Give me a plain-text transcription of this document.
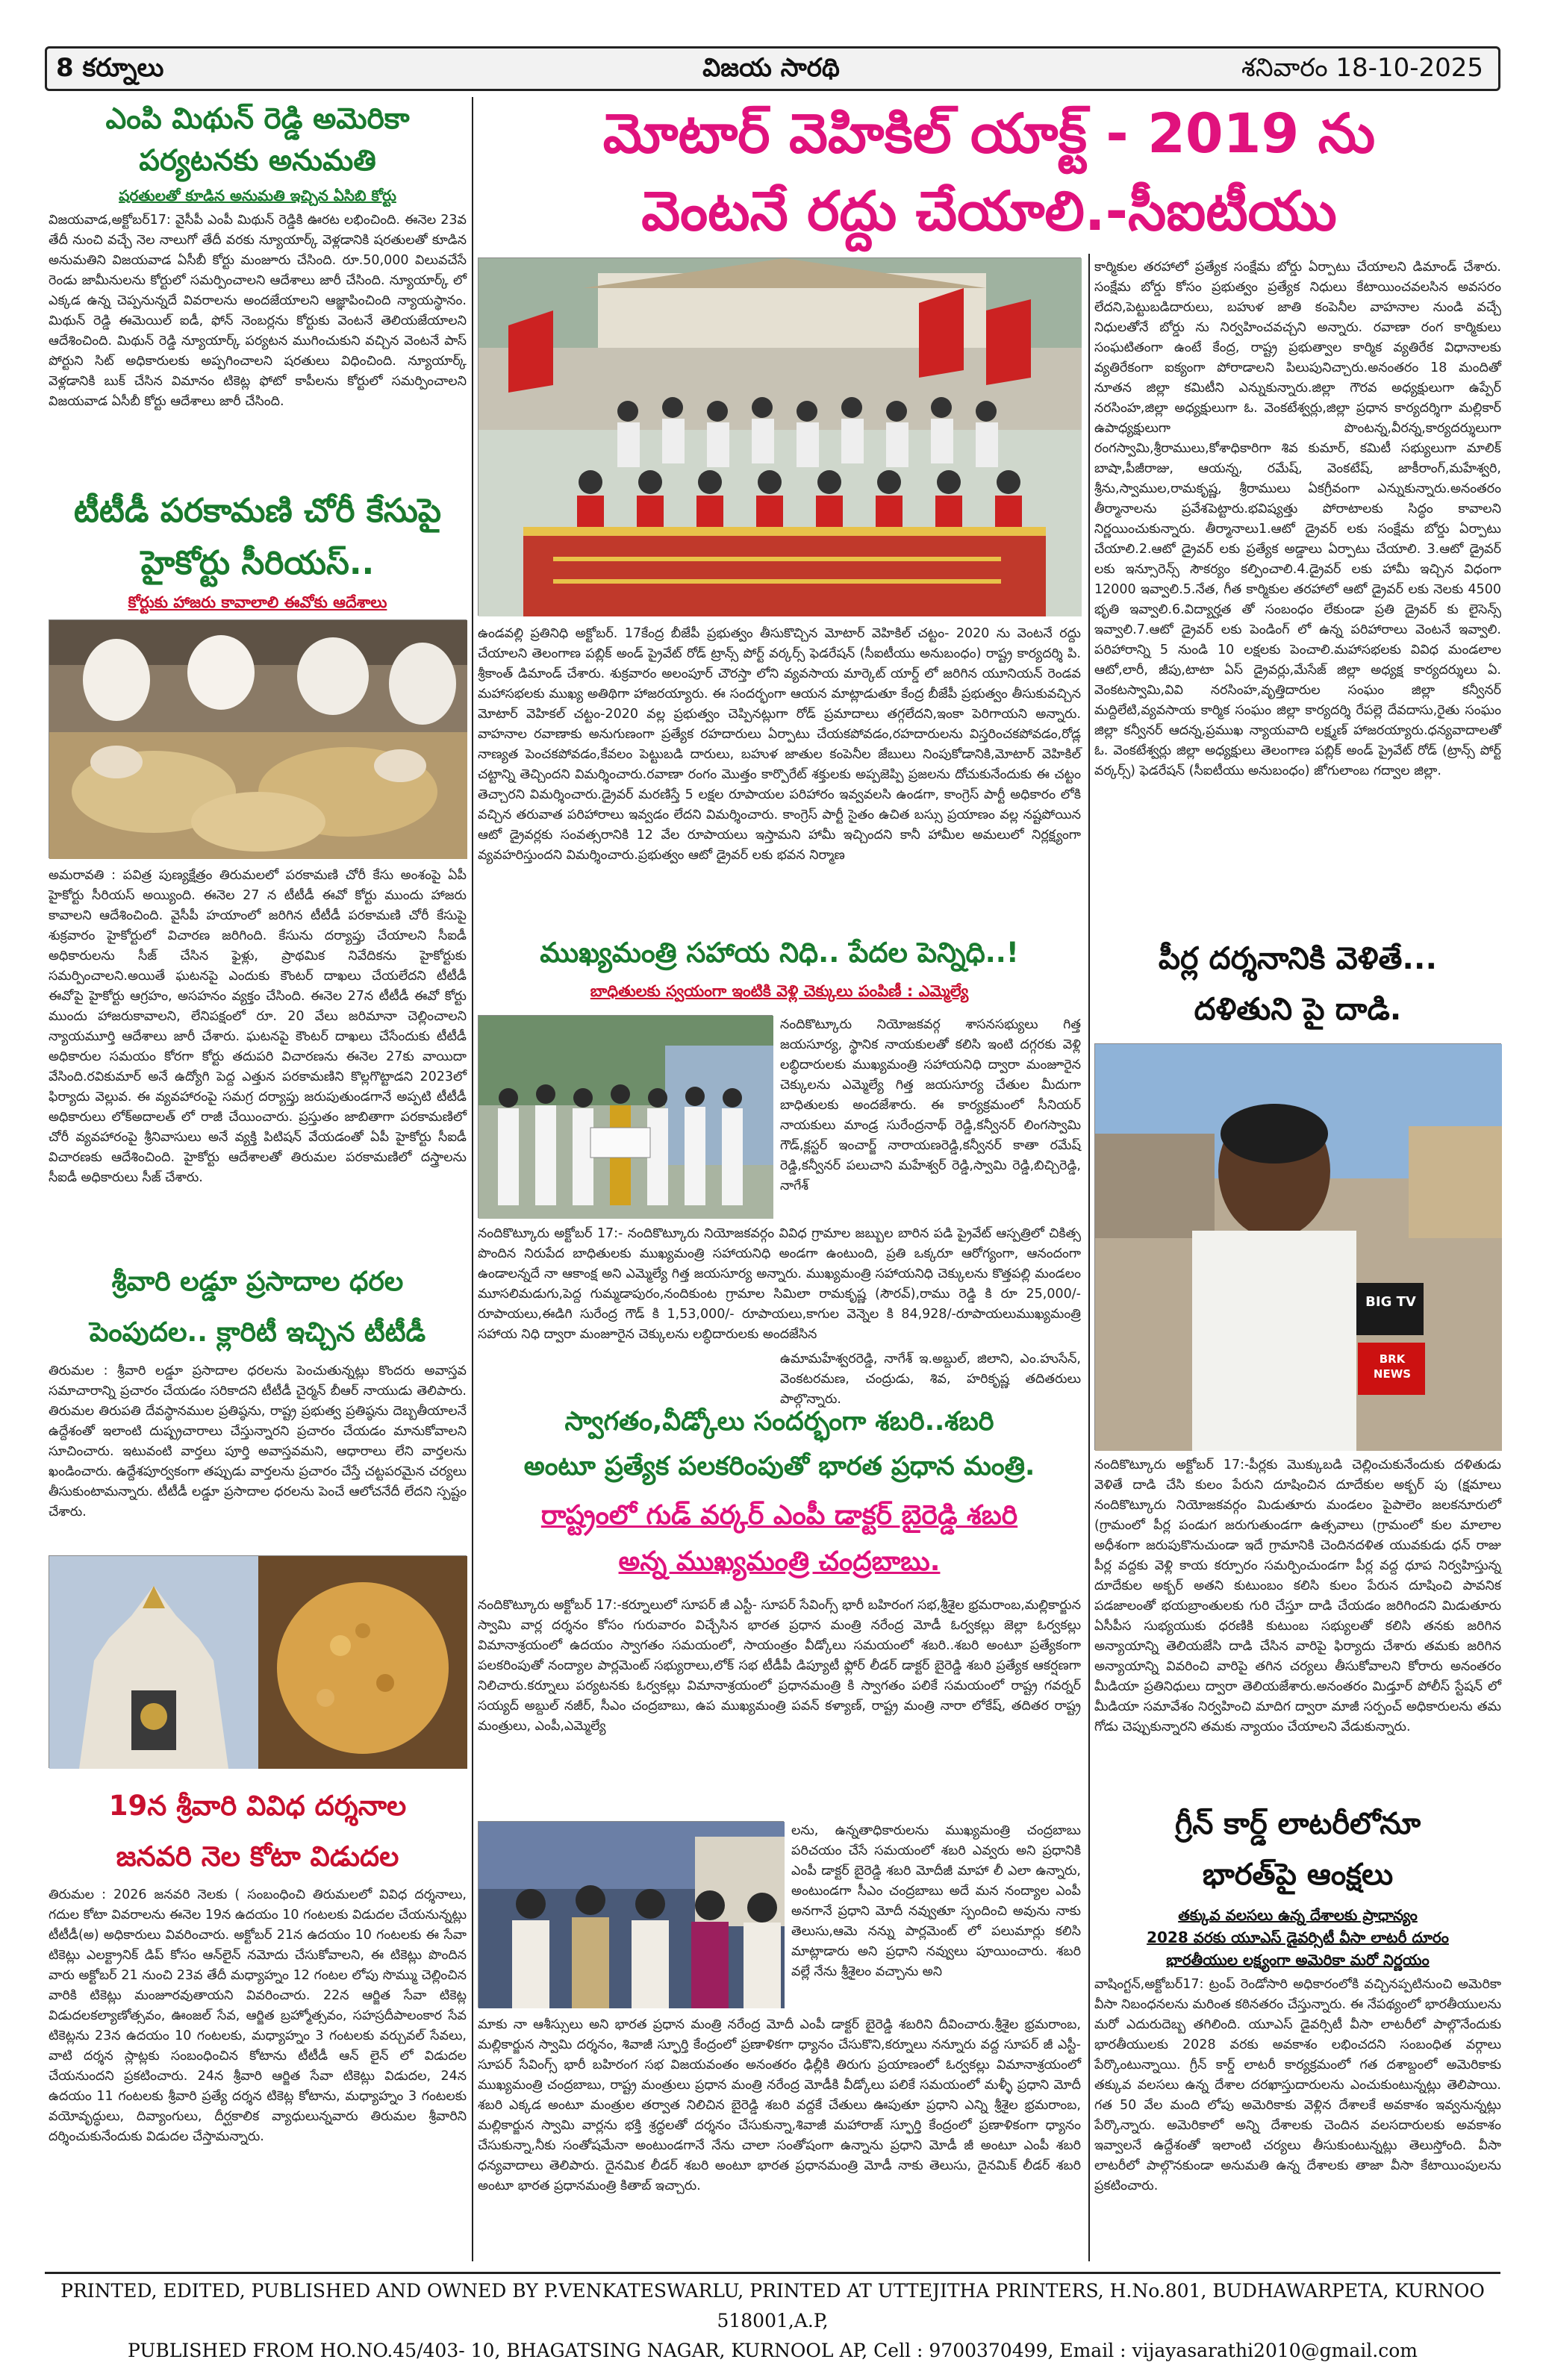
8 కర్నూలు	విజయ సారథి	శనివారం 18-10-2025
ఎంపి మిథున్ రెడ్డి అమెరికా
పర్యటనకు అనుమతి
షరతులతో కూడిన అనుమతి ఇచ్చిన ఏసిబి కోర్టు
విజయవాడ,అక్టోబర్17: వైసీపీ ఎంపీ మిథున్ రెడ్డికి ఊరట లభించింది. ఈనెల 23వ తేదీ నుంచి వచ్చే నెల నాలుగో తేదీ వరకు న్యూయార్క్ వెళ్లడానికి షరతులతో కూడిన అనుమతిని విజయవాడ ఏసీబీ కోర్టు మంజూరు చేసింది. రూ.50,000 విలువచేసే రెండు జామీనులను కోర్టులో సమర్పించాలని ఆదేశాలు జారీ చేసింది. న్యూయార్క్ లో ఎక్కడ ఉన్న చెప్పనున్నదే వివరాలను అందజేయాలని ఆజ్ఞాపించింది న్యాయస్థానం. మిథున్ రెడ్డి ఈమెయిల్ ఐడీ, ఫోన్ నెంబర్లను కోర్టుకు వెంటనే తెలియజేయాలని ఆదేశించింది. మిథున్ రెడ్డి న్యూయార్క్ పర్యటన ముగించుకుని వచ్చిన వెంటనే పాస్ పోర్టుని సిట్ అధికారులకు అప్పగించాలని షరతులు విధించింది. న్యూయార్క్ వెళ్లడానికి బుక్ చేసిన విమానం టికెట్ల ఫోటో కాపీలను కోర్టులో సమర్పించాలని విజయవాడ ఏసీబీ కోర్టు ఆదేశాలు జారీ చేసింది.
టీటీడీ పరకామణి చోరీ కేసుపై
హైకోర్టు సీరియస్..
కోర్టుకు హాజరు కావాలాలి ఈవోకు ఆదేశాలు
అమరావతి : పవిత్ర పుణ్యక్షేత్రం తిరుమలలో పరకామణి చోరీ కేసు అంశంపై ఏపీ హైకోర్టు సీరియస్ అయ్యింది. ఈనెల 27 న టీటీడీ ఈవో కోర్టు ముందు హాజరు కావాలని ఆదేశించింది. వైసీపీ హయాంలో జరిగిన టీటీడీ పరకామణి చోరీ కేసుపై శుక్రవారం హైకోర్టులో విచారణ జరిగింది. కేసును దర్యాప్తు చేయాలని సీఐడీ అధికారులను సీజ్ చేసిన ఫైళ్లు, ప్రాథమిక నివేదికను హైకోర్టుకు సమర్పించాలని.అయితే ఘటనపై ఎందుకు కౌంటర్ దాఖలు చేయలేదని టీటీడీ ఈవోపై హైకోర్టు ఆగ్రహం, అసహనం వ్యక్తం చేసింది. ఈనెల 27న టీటీడీ ఈవో కోర్టు ముందు హాజరుకావాలని, లేనిపక్షంలో రూ. 20 వేలు జరిమానా చెల్లించాలని న్యాయమూర్తి ఆదేశాలు జారీ చేశారు. ఘటనపై కౌంటర్ దాఖలు చేసేందుకు టీటీడీ అధికారుల సమయం కోరగా కోర్టు తదుపరి విచారణను ఈనెల 27కు వాయిదా వేసింది.రవికుమార్ అనే ఉద్యోగి పెద్ద ఎత్తున పరకామణిని కొల్లగొట్టాడని 2023లో ఫిర్యాదు వెల్లువ. ఈ వ్యవహారంపై సమగ్ర దర్యాప్తు జరుపుతుండగానే అప్పటి టీటీడీ అధికారులు లోక్అదాలత్ లో రాజీ చేయించారు. ప్రస్తుతం జాబితాగా పరకామణిలో చోరీ వ్యవహారంపై శ్రీనివాసులు అనే వ్యక్తి పిటిషన్ వేయడంతో ఏపీ హైకోర్టు సీఐడీ విచారణకు ఆదేశించింది. హైకోర్టు ఆదేశాలతో తిరుమల పరకామణిలో దస్త్రాలను సీఐడీ అధికారులు సీజ్ చేశారు.
శ్రీవారి లడ్డూ ప్రసాదాల ధరల
పెంపుదల.. క్లారిటీ ఇచ్చిన టీటీడీ
తిరుమల : శ్రీవారి లడ్డూ ప్రసాదాల ధరలను పెంచుతున్నట్లు కొందరు అవాస్తవ సమాచారాన్ని ప్రచారం చేయడం సరికాదని టీటీడీ చైర్మన్ బీఆర్ నాయుడు తెలిపారు. తిరుమల తిరుపతి దేవస్థానముల ప్రతిష్ఠను, రాష్ట్ర ప్రభుత్వ ప్రతిష్ఠను దెబ్బతీయాలనే ఉద్దేశంతో ఇలాంటి దుష్ప్రచారాలు చేస్తున్నారని ప్రచారం చేయడం మానుకోవాలని సూచించారు. ఇటువంటి వార్తలు పూర్తి అవాస్తవమని, ఆధారాలు లేని వార్తలను ఖండించారు. ఉద్దేశపూర్వకంగా తప్పుడు వార్తలను ప్రచారం చేస్తే చట్టపరమైన చర్యలు తీసుకుంటామన్నారు. టీటీడీ లడ్డూ ప్రసాదాల ధరలను పెంచే ఆలోచనేదీ లేదని స్పష్టం చేశారు.
19న శ్రీవారి వివిధ దర్శనాల
జనవరి నెల కోటా విడుదల
తిరుమల : 2026 జనవరి నెలకు ( సంబంధించి తిరుమలలో వివిధ దర్శనాలు, గదుల కోటా వివరాలను ఈనెల 19న ఉదయం 10 గంటలకు విడుదల చేయనున్నట్లు టీటీడీ(అ) అధికారులు వివరించారు. అక్టోబర్ 21న ఉదయం 10 గంటలకు ఈ సేవా టికెట్లు ఎలక్ట్రానిక్ డిప్ కోసం ఆన్‌లైన్ నమోదు చేసుకోవాలని, ఈ టికెట్లు పొందిన వారు అక్టోబర్ 21 నుంచి 23వ తేదీ మధ్యాహ్నం 12 గంటల లోపు సొమ్ము చెల్లించిన వారికి టికెట్లు మంజూరవుతాయని వివరించారు. 22న ఆర్జిత సేవా టికెట్ల విడుదలకల్యాణోత్సవం, ఊంజల్ సేవ, ఆర్జిత బ్రహ్మోత్సవం, సహస్రదీపాలంకార సేవ టికెట్లను 23న ఉదయం 10 గంటలకు, మధ్యాహ్నం 3 గంటలకు వర్చువల్ సేవలు, వాటి దర్శన స్లాట్లకు సంబంధించిన కోటాను టీటీడీ ఆన్ లైన్ లో విడుదల చేయనుందని ప్రకటించారు. 24న శ్రీవారి ఆర్జిత సేవా టికెట్లు విడుదల, 24న ఉదయం 11 గంటలకు శ్రీవారి ప్రత్యే దర్శన టికెట్ల కోటాను, మధ్యాహ్నం 3 గంటలకు వయోవృద్ధులు, దివ్యాంగులు, దీర్ఘకాలిక వ్యాధులున్నవారు తిరుమల శ్రీవారిని దర్శించుకునేందుకు విడుదల చేస్తామన్నారు.
మోటార్ వెహికిల్ యాక్ట్ - 2019 ను
వెంటనే రద్దు చేయాలి.-సీఐటీయు
ఉండవల్లి ప్రతినిధి అక్టోబర్. 17కేంద్ర బీజేపీ ప్రభుత్వం తీసుకొచ్చిన మోటార్ వెహికిల్ చట్టం- 2020 ను వెంటనే రద్దు చేయాలని తెలంగాణ పబ్లిక్ అండ్ ప్రైవేట్ రోడ్ ట్రాన్స్ పోర్ట్ వర్కర్స్ ఫెడరేషన్ (సీఐటీయు అనుబంధం) రాష్ట్ర కార్యదర్శి పి. శ్రీకాంత్ డిమాండ్ చేశారు. శుక్రవారం అలంపూర్ చౌరస్తా లోని వ్యవసాయ మార్కెట్ యార్డ్ లో జరిగిన యూనియన్ రెండవ మహాసభలకు ముఖ్య అతిథిగా హాజరయ్యారు. ఈ సందర్భంగా ఆయన మాట్లాడుతూ కేంద్ర బీజేపీ ప్రభుత్వం తీసుకువచ్చిన మోటార్ వెహికల్ చట్టం-2020 వల్ల ప్రభుత్వం చెప్పినట్లుగా రోడ్ ప్రమాదాలు తగ్గలేదని,ఇంకా పెరిగాయని అన్నారు. వాహనాల రవాణాకు అనుగుణంగా ప్రత్యేక రహదారులు ఏర్పాటు చేయకపోవడం,రహదారులను విస్తరించకపోవడం,రోడ్ల నాణ్యత పెంచకపోవడం,కేవలం పెట్టుబడి దారులు, బహుళ జాతుల కంపెనీల జేబులు నింపుకోడానికి,మోటార్ వెహికిల్ చట్టాన్ని తెచ్చిందని విమర్శించారు.రవాణా రంగం మొత్తం కార్పొరేట్ శక్తులకు అప్పజెప్పి ప్రజలను దోచుకునేందుకు ఈ చట్టం తెచ్చారని విమర్శించారు.డ్రైవర్ మరణిస్తే 5 లక్షల రూపాయల పరిహారం ఇవ్వవలసి ఉండగా, కాంగ్రెస్ పార్టీ అధికారం లోకి వచ్చిన తరువాత పరిహారాలు ఇవ్వడం లేదని విమర్శించారు. కాంగ్రెస్ పార్టీ సైతం ఉచిత బస్సు ప్రయాణం వల్ల నష్టపోయిన ఆటో డ్రైవర్లకు సంవత్సరానికి 12 వేల రూపాయలు ఇస్తామని హామీ ఇచ్చిందని కానీ హామీల అమలులో నిర్లక్ష్యంగా వ్యవహరిస్తుందని విమర్శించారు.ప్రభుత్వం ఆటో డ్రైవర్ లకు భవన నిర్మాణ
కార్మికుల తరహాలో ప్రత్యేక సంక్షేమ బోర్డు ఏర్పాటు చేయాలని డిమాండ్ చేశారు. సంక్షేమ బోర్డు కోసం ప్రభుత్వం ప్రత్యేక నిధులు కేటాయించవలసిన అవసరం లేదని,పెట్టుబడిదారులు, బహుళ జాతి కంపెనీల వాహనాల నుండి వచ్చే నిధులతోనే బోర్డు ను నిర్వహించవచ్చని అన్నారు. రవాణా రంగ కార్మికులు సంఘటితంగా ఉంటే కేంద్ర, రాష్ట్ర ప్రభుత్వాల కార్మిక వ్యతిరేక విధానాలకు వ్యతిరేకంగా ఐక్యంగా పోరాడాలని పిలుపునిచ్చారు.అనంతరం 18 మందితో నూతన జిల్లా కమిటీని ఎన్నుకున్నారు.జిల్లా గౌరవ అధ్యక్షులుగా ఉప్పేర్ నరసింహ,జిల్లా అధ్యక్షులుగా ఓ. వెంకటేశ్వర్లు,జిల్లా ప్రధాన కార్యదర్శిగా మల్లికార్ ఉపాధ్యక్షులుగా పొంటన్న,వీరన్న,కార్యదర్శులుగా రంగస్వామి,శ్రీరాములు,కోశాధికారిగా శివ కుమార్, కమిటీ సభ్యులుగా మాలిక్ బాషా,పీజీరాజు, ఆయన్న, రమేష్, వెంకటేష్, జాకీరాంగ్,మహేశ్వరి, శ్రీను,స్వాముల,రామకృష్ణ, శ్రీరాములు ఏకగ్రీవంగా ఎన్నుకున్నారు.అనంతరం తీర్మానాలను ప్రవేశపెట్టారు.భవిష్యత్తు పోరాటాలకు సిద్ధం కావాలని నిర్ణయించుకున్నారు. తీర్మానాలు1.ఆటో డ్రైవర్ లకు సంక్షేమ బోర్డు ఏర్పాటు చేయాలి.2.ఆటో డ్రైవర్ లకు ప్రత్యేక అడ్డాలు ఏర్పాటు చేయాలి. 3.ఆటో డ్రైవర్ లకు ఇన్సూరెన్స్ సౌకర్యం కల్పించాలి.4.డ్రైవర్ లకు హామీ ఇచ్చిన విధంగా 12000 ఇవ్వాలి.5.నేత, గీత కార్మికుల తరహాలో ఆటో డ్రైవర్ లకు నెలకు 4500 భృతి ఇవ్వాలి.6.విద్యార్హత తో సంబంధం లేకుండా ప్రతి డ్రైవర్ కు లైసెన్స్ ఇవ్వాలి.7.ఆటో డ్రైవర్ లకు పెండింగ్ లో ఉన్న పరిహారాలు వెంటనే ఇవ్వాలి. పరిహారాన్ని 5 నుండి 10 లక్షలకు పెంచాలి.మహాసభలకు వివిధ మండలాల ఆటో,లారీ, జీపు,టాటా ఏస్ డ్రైవర్లు,మేసేజ్ జిల్లా అధ్యక్ష కార్యదర్శులు ఏ. వెంకటస్వామి,వివి నరసింహ,వృత్తిదారుల సంఘం జిల్లా కన్వీనర్ మద్దిలేటి,వ్యవసాయ కార్మిక సంఘం జిల్లా కార్యదర్శి రేపల్లె దేవదాసు,రైతు సంఘం జిల్లా కన్వీనర్ ఆదన్న,ప్రముఖ న్యాయవాది లక్ష్మణ్ హాజరయ్యారు.ధన్యవాదాలతో ఓ. వెంకటేశ్వర్లు జిల్లా అధ్యక్షులు తెలంగాణ పబ్లిక్ అండ్ ప్రైవేట్ రోడ్ (ట్రాన్స్ పోర్ట్ వర్కర్స్) ఫెడరేషన్ (సీఐటీయు అనుబంధం) జోగులాంబ గద్వాల జిల్లా.
ముఖ్యమంత్రి సహాయ నిధి.. పేదల పెన్నిధి..!
బాధితులకు స్వయంగా ఇంటికి వెళ్లి చెక్కులు పంపిణీ : ఎమ్మెల్యే
నందికొట్కూరు నియోజకవర్గ శాసనసభ్యులు గిత్త జయసూర్య, స్థానిక నాయకులతో కలిసి ఇంటి దగ్గరకు వెళ్లి లబ్ధిదారులకు ముఖ్యమంత్రి సహాయనిధి ద్వారా మంజూరైన చెక్కులను ఎమ్మెల్యే గిత్త జయసూర్య చేతుల మీదుగా బాధితులకు అందజేశారు. ఈ కార్యక్రమంలో సీనియర్ నాయకులు మాండ్ర సురేంద్రనాథ్ రెడ్డి,కన్వీనర్ లింగస్వామి గౌడ్,క్లస్టర్ ఇంచార్జ్ నారాయణరెడ్డి,కన్వీనర్ కాతా రమేష్ రెడ్డి,కన్వీనర్ పలుచాని మహేశ్వర్ రెడ్డి,స్వామి రెడ్డి,బిచ్చిరెడ్డి, నాగేశ్
నందికొట్కూరు అక్టోబర్ 17:- నందికొట్కూరు నియోజకవర్గం వివిధ గ్రామాల జబ్బుల బారిన పడి ప్రైవేట్ ఆస్పత్రిలో చికిత్స పొందిన నిరుపేద బాధితులకు ముఖ్యమంత్రి సహాయనిధి అండగా ఉంటుంది, ప్రతి ఒక్కరూ ఆరోగ్యంగా, ఆనందంగా ఉండాలన్నదే నా ఆకాంక్ష అని ఎమ్మెల్యే గిత్త జయసూర్య అన్నారు. ముఖ్యమంత్రి సహాయనిధి చెక్కులను కొత్తపల్లి మండలం మూసలిమడుగు,పెద్ద గుమ్మడాపురం,నందికుంట గ్రామాల సిమిలా రామకృష్ణ (సౌరవ్),రాము రెడ్డి కి రూ 25,000/-రూపాయలు,ఈడిగి సురేంద్ర గౌడ్ కి 1,53,000/- రూపాయలు,కాగుల వెన్నెల కి 84,928/-రూపాయలుముఖ్యమంత్రి సహాయ నిధి ద్వారా మంజూరైన చెక్కులను లబ్ధిదారులకు అందజేసిన
ఉమామహేశ్వరరెడ్డి, నాగేశ్ ఇ.అబ్దుల్, జిలాని, ఎం.హుసేన్, వెంకటరమణ, చంద్రుడు, శివ, హరికృష్ణ తదితరులు పాల్గొన్నారు.
స్వాగతం,వీడ్కోలు సందర్భంగా శబరి..శబరి
అంటూ ప్రత్యేక పలకరింపుతో భారత ప్రధాన మంత్రి.
రాష్ట్రంలో గుడ్ వర్కర్ ఎంపీ డాక్టర్ బైరెడ్డి శబరి
అన్న ముఖ్యమంత్రి చంద్రబాబు.
నందికొట్కూరు అక్టోబర్ 17:-కర్నూలులో సూపర్ జీ ఎస్టీ- సూపర్ సేవింగ్స్ భారీ బహిరంగ సభ,శ్రీశైల భ్రమరాంబ,మల్లికార్జున స్వామి వార్ల దర్శనం కోసం గురువారం విచ్చేసిన భారత ప్రధాన మంత్రి నరేంద్ర మోడీ ఓర్వకల్లు జెల్లా ఓర్వకల్లు విమానాశ్రయంలో ఉదయం స్వాగతం సమయంలో, సాయంత్రం వీడ్కోలు సమయంలో శబరి..శబరి అంటూ ప్రత్యేకంగా పలకరింపుతో నంద్యాల పార్లమెంట్ సభ్యురాలు,లోక్ సభ టీడీపీ డిప్యూటీ ఫ్లోర్ లీడర్ డాక్టర్ బైరెడ్డి శబరి ప్రత్యేక ఆకర్షణగా నిలిచారు.కర్నూలు పర్యటనకు ఓర్వకల్లు విమానాశ్రయంలో ప్రధానమంత్రి కి స్వాగతం పలికే సమయంలో రాష్ట్ర గవర్నర్ సయ్యద్ అబ్దుల్ నజీర్, సీఎం చంద్రబాబు, ఉప ముఖ్యమంత్రి పవన్ కళ్యాణ్, రాష్ట్ర మంత్రి నారా లోకేష్, తదితర రాష్ట్ర మంత్రులు, ఎంపీ,ఎమ్మెల్యే
లను, ఉన్నతాధికారులను ముఖ్యమంత్రి చంద్రబాబు పరిచయం చేసే సమయంలో శబరి ఎవ్వరు అని ప్రధానికి ఎంపీ డాక్టర్ బైరెడ్డి శబరి మోదీజీ మాహా లీ ఎలా ఉన్నారు, అంటుండగా సీఎం చంద్రబాబు అదే మన నంద్యాల ఎంపీ అనగానే ప్రధాని మోదీ నవ్వుతూ స్పందించి అవును నాకు తెలుసు,ఆమె నన్ను పార్లమెంట్ లో పలుమార్లు కలిసి మాట్లాడారు అని ప్రధాని నవ్వులు పూయించారు. శబరి వల్లే నేను శ్రీశైలం వచ్చాను అని
మాకు నా ఆశీస్సులు అని భారత ప్రధాన మంత్రి నరేంద్ర మోదీ ఎంపీ డాక్టర్ బైరెడ్డి శబరిని దీవించారు.శ్రీశైల భ్రమరాంబ, మల్లికార్జున స్వామి దర్శనం, శివాజీ స్ఫూర్తి కేంద్రంలో ప్రణాళికగా ధ్యానం చేసుకొని,కర్నూలు నన్నూరు వద్ద సూపర్ జీ ఎస్టీ-సూపర్ సేవింగ్స్ భారీ బహిరంగ సభ విజయవంతం అనంతరం ఢిల్లీకి తిరుగు ప్రయాణంలో ఓర్వకల్లు విమానాశ్రయంలో ముఖ్యమంత్రి చంద్రబాబు, రాష్ట్ర మంత్రులు ప్రధాన మంత్రి నరేంద్ర మోడీకి వీడ్కోలు పలికే సమయంలో మళ్ళీ ప్రధాని మోదీ శబరి ఎక్కడ అంటూ మంత్రుల తర్వాత నిలిచిన బైరెడ్డి శబరి వద్దకే చేతులు ఊపుతూ ప్రధాని ఎన్ని శ్రీశైల భ్రమరాంబ, మల్లికార్జున స్వామి వార్లను భక్తి శ్రద్ధలతో దర్శనం చేసుకున్నా,శివాజీ మహారాజ్ స్ఫూర్తి కేంద్రంలో ప్రణాళికంగా ధ్యానం చేసుకున్నా,నీకు సంతోషమేనా అంటుండగానే నేను చాలా సంతోషంగా ఉన్నాను ప్రధాని మోడీ జీ అంటూ ఎంపీ శబరి ధన్యవాదాలు తెలిపారు. దైనమిక లీడర్ శబరి అంటూ భారత ప్రధానమంత్రి మోడీ నాకు తెలుసు, దైనమిక్ లీడర్ శబరి అంటూ భారత ప్రధానమంత్రి కితాబ్ ఇచ్చారు.
పీర్ల దర్శనానికి వెళితే...
దళితుని పై దాడి.
BIG TV
BRK NEWS
నందికొట్కూరు అక్టోబర్ 17:-పీర్లకు మొక్కుబడి చెల్లించుకునేందుకు దళితుడు వెళితే దాడి చేసి కులం పేరుని దూషించిన దూదేకుల అక్బర్ పు (క్షమాలు నందికొట్కూరు నియోజకవర్గం మిడుతూరు మండలం పైపాలెం జలకనూరులో (గ్రామంలో పీర్ల పండుగ జరుగుతుండగా ఉత్సవాలు (గ్రామంలో కుల మాలాల అధీశంగా జరుపుకొనుచుండా ఇదే గ్రామానికి చెందినదళిత యువకుడు ధన్ రాజు పీర్ల వద్దకు వెళ్లి కాయ కర్పూరం సమర్పించుండగా పీర్ల వద్ద ధూప నిర్వహిస్తున్న దూదేకుల అక్బర్ అతని కుటుంబం కలిసి కులం పేరున దూషించి పావనిక పడజాలంతో భయబ్రాంతులకు గురి చేస్తూ దాడి చేయడం జరిగిందని మిడుతూరు ఏసీపీస సుభ్యయుకు ధరణికి కుటుంబ సభ్యులతో కలిసి తనకు జరిగిన అన్యాయాన్ని తెలియజేసి దాడి చేసిన వారిపై ఫిర్యాదు చేశారు తమకు జరిగిన అన్యాయాన్ని వివరించి వారిపై తగిన చర్యలు తీసుకోవాలని కోరారు అనంతరం మీడియా ప్రతినిధులు ద్వారా తెలియజేశారు.అనంతరం మిడ్తూర్ పోలీస్ స్టేషన్ లో మీడియా సమావేశం నిర్వహించి మాదిగ ద్వారా మాజీ సర్పంచ్ అధికారులను తమ గోడు చెప్పుకున్నారని తమకు న్యాయం చేయాలని వేడుకున్నారు.
గ్రీన్ కార్డ్ లాటరీలోనూ
భారత్‌పై ఆంక్షలు
తక్కువ వలసలు ఉన్న దేశాలకు ప్రాధాన్యం
2028 వరకు యూఎస్ డైవర్సిటీ వీసా లాటరీ దూరం
భారతీయుల లక్ష్యంగా అమెరికా మరో నిర్ణయం
వాషింగ్టన్,అక్టోబర్17: ట్రంప్ రెండోసారి అధికారంలోకి వచ్చినప్పటినుంచి అమెరికా వీసా నిబంధనలను మరింత కఠినతరం చేస్తున్నారు. ఈ నేపథ్యంలో భారతీయులను మరో ఎదురుదెబ్బ తగిలింది. యూఎస్ డైవర్సిటీ వీసా లాటరీలో పాల్గొనేందుకు భారతీయులకు 2028 వరకు అవకాశం లభించదని సంబంధిత వర్గాలు పేర్కొంటున్నాయి. గ్రీన్ కార్డ్ లాటరీ కార్యక్రమంలో గత దశాబ్దంలో అమెరికాకు తక్కువ వలసలు ఉన్న దేశాల దరఖాస్తుదారులను ఎంచుకుంటున్నట్లు తెలిపాయి. గత 50 వేల మంది లోపు అమెరికాకు వెళ్లిన దేశాలకే అవకాశం ఇవ్వనున్నట్లు పేర్కొన్నారు. అమెరికాలో అన్ని దేశాలకు చెందిన వలసదారులకు అవకాశం ఇవ్వాలనే ఉద్దేశంతో ఇలాంటి చర్యలు తీసుకుంటున్నట్లు తెలుస్తోంది. వీసా లాటరీలో పాల్గొనకుండా అనుమతి ఉన్న దేశాలకు తాజా వీసా కేటాయింపులను ప్రకటించారు.
PRINTED, EDITED, PUBLISHED AND OWNED BY P.VENKATESWARLU, PRINTED AT UTTEJITHA PRINTERS, H.No.801, BUDHAWARPETA, KURNOO 518001,A.P,
PUBLISHED FROM HO.NO.45/403- 10, BHAGATSING NAGAR, KURNOOL AP, Cell : 9700370499, Email : vijayasarathi2010@gmail.com
